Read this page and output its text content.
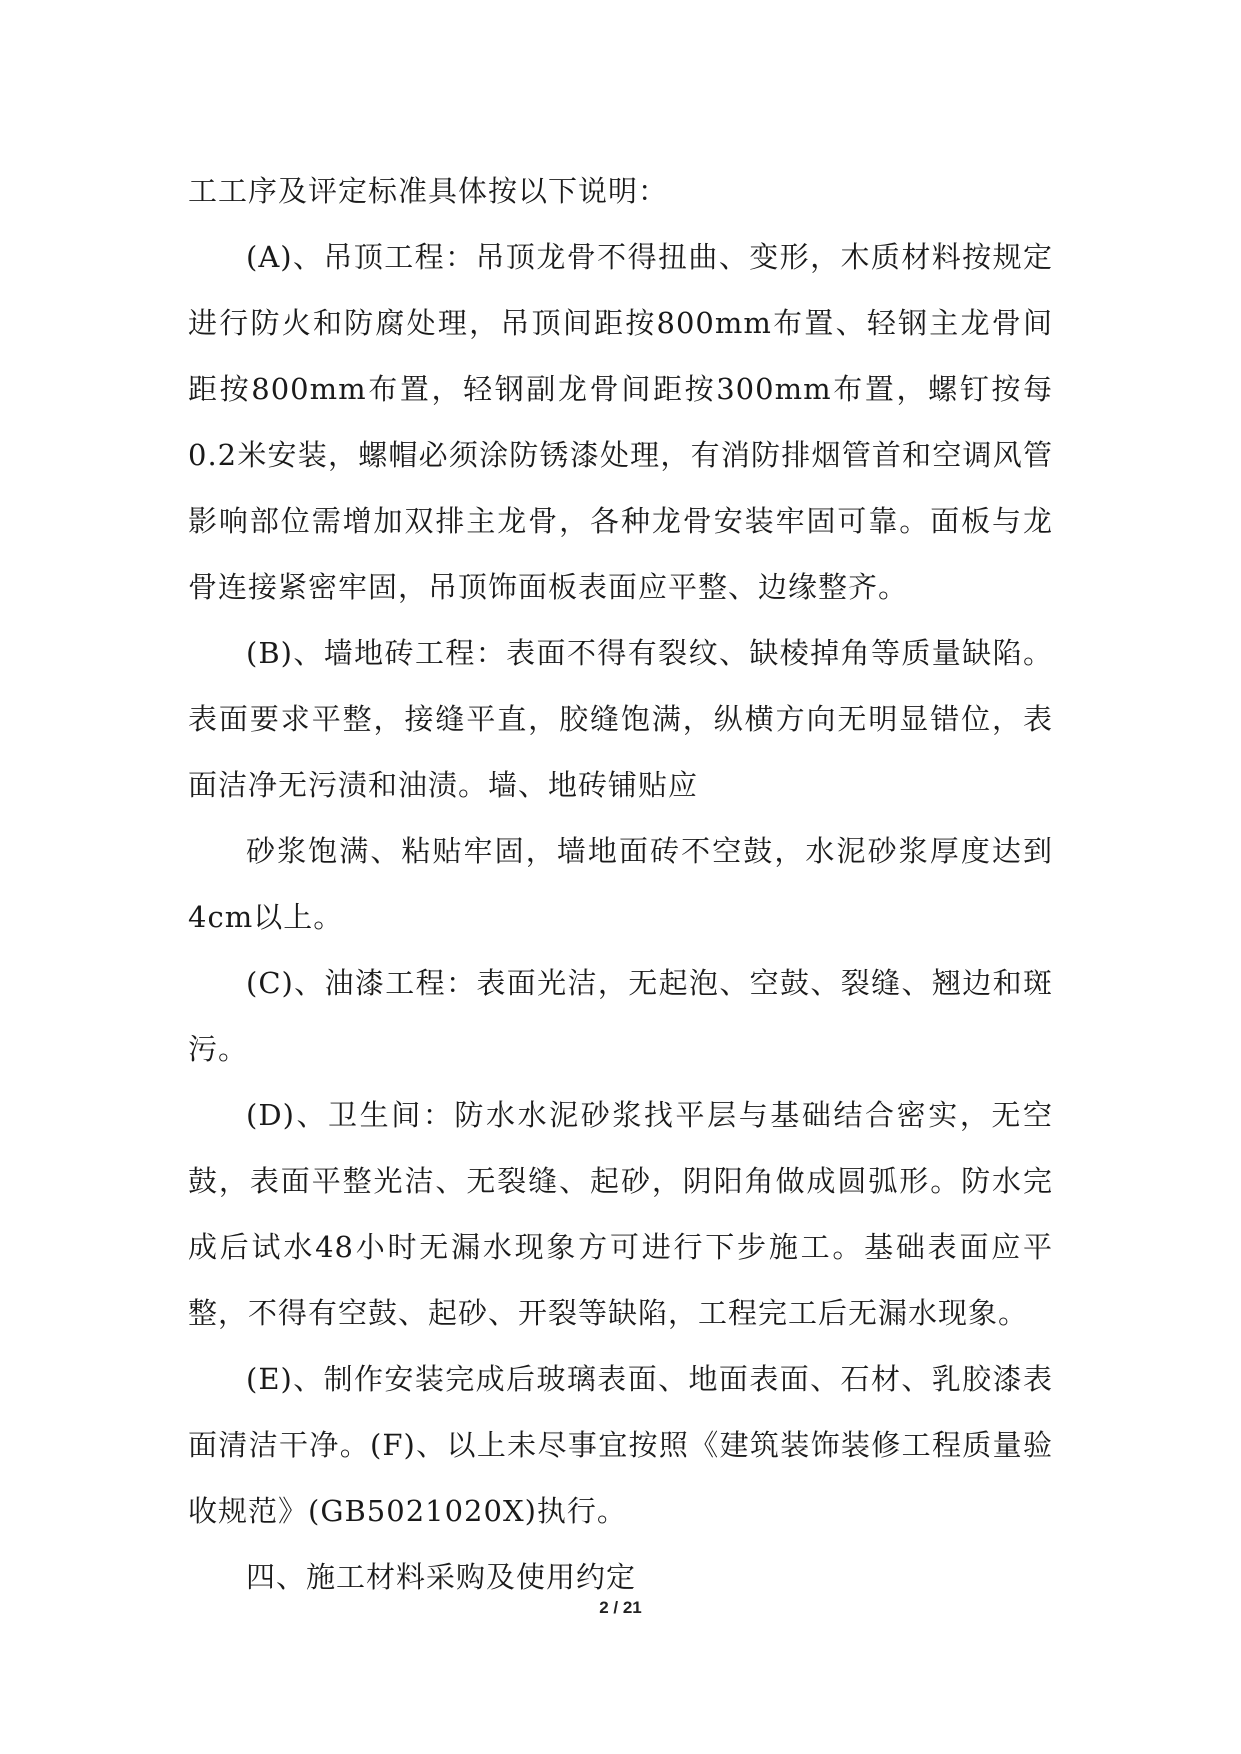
工工序及评定标准具体按以下说明：

(A)、吊顶工程：吊顶龙骨不得扭曲、变形，木质材料按规定进行防火和防腐处理，吊顶间距按800mm布置、轻钢主龙骨间距按800mm布置，轻钢副龙骨间距按300mm布置，螺钉按每0.2米安装，螺帽必须涂防锈漆处理，有消防排烟管首和空调风管影响部位需增加双排主龙骨，各种龙骨安装牢固可靠。面板与龙骨连接紧密牢固，吊顶饰面板表面应平整、边缘整齐。

(B)、墙地砖工程：表面不得有裂纹、缺棱掉角等质量缺陷。表面要求平整，接缝平直，胶缝饱满，纵横方向无明显错位，表面洁净无污渍和油渍。墙、地砖铺贴应

砂浆饱满、粘贴牢固，墙地面砖不空鼓，水泥砂浆厚度达到4cm以上。

(C)、油漆工程：表面光洁，无起泡、空鼓、裂缝、翘边和斑污。

(D)、卫生间：防水水泥砂浆找平层与基础结合密实，无空鼓，表面平整光洁、无裂缝、起砂，阴阳角做成圆弧形。防水完成后试水48小时无漏水现象方可进行下步施工。基础表面应平整，不得有空鼓、起砂、开裂等缺陷，工程完工后无漏水现象。

(E)、制作安装完成后玻璃表面、地面表面、石材、乳胶漆表面清洁干净。(F)、以上未尽事宜按照《建筑装饰装修工程质量验收规范》(GB5021020X)执行。

四、施工材料采购及使用约定

2 / 21
